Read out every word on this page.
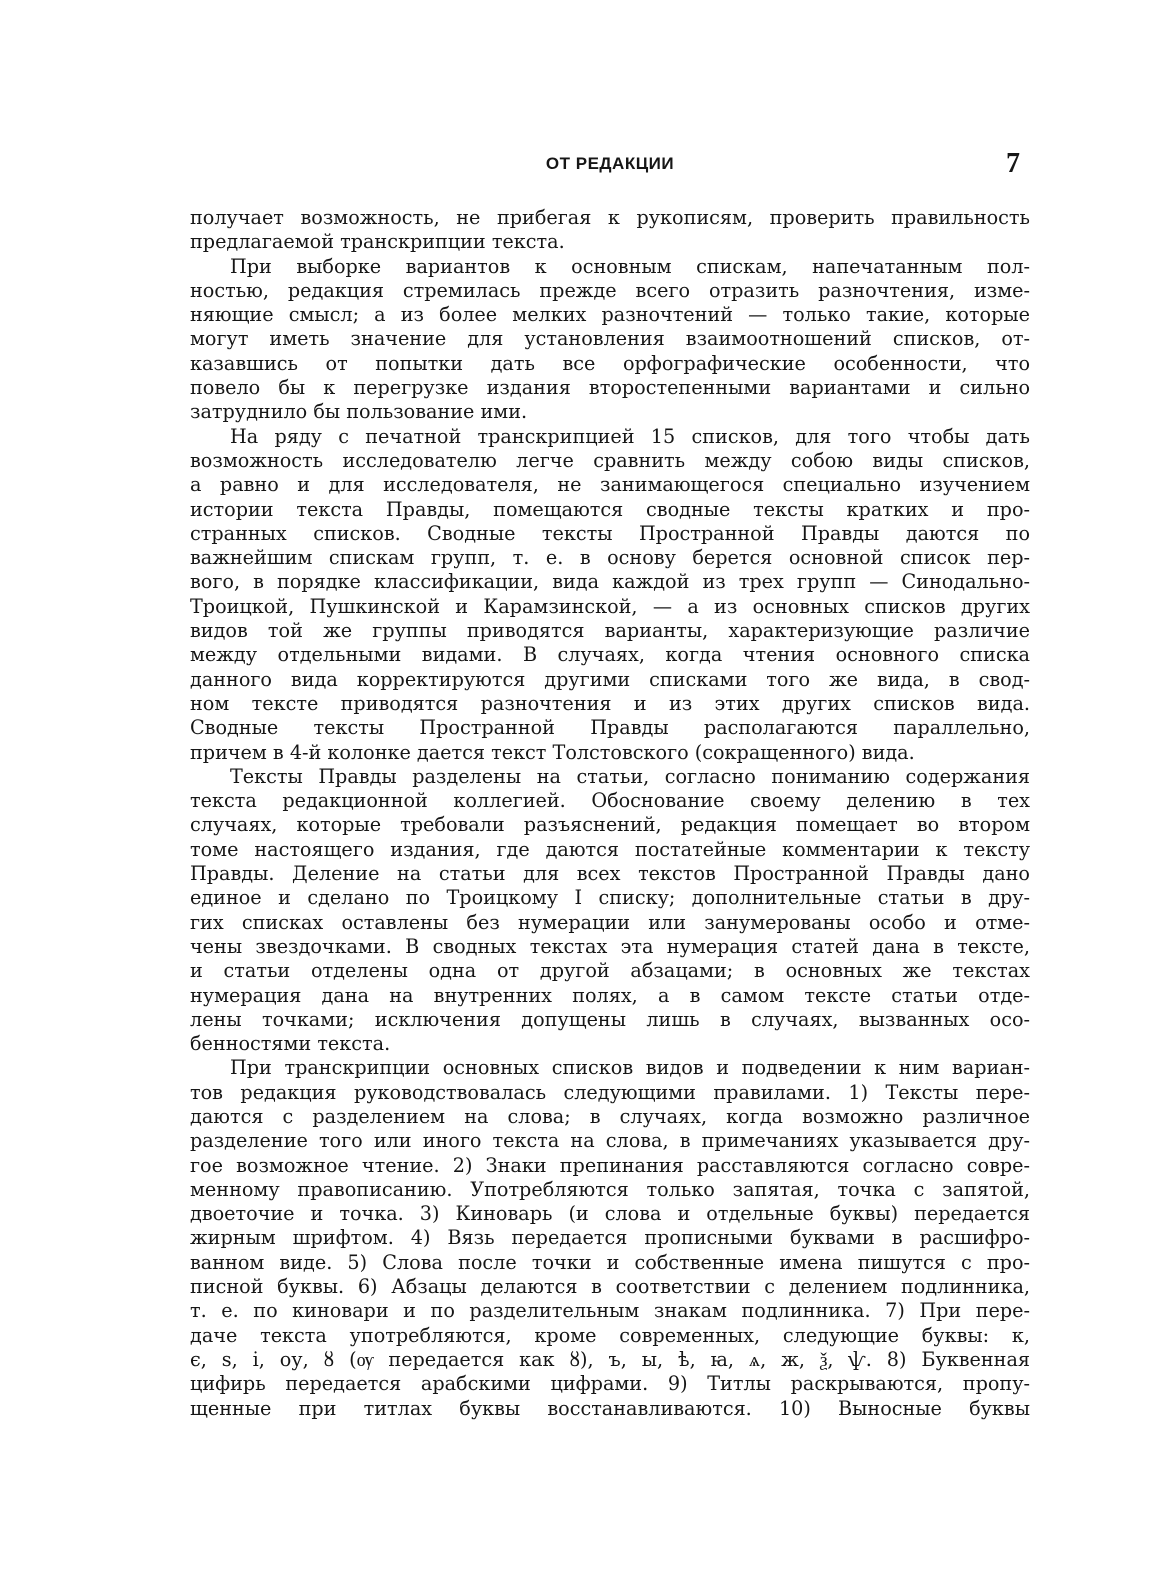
ОТ РЕДАКЦИИ	7
получает возможность, не прибегая к рукописям, проверить правильность
предлагаемой транскрипции текста.
При выборке вариантов к основным спискам, напечатанным пол-
ностью, редакция стремилась прежде всего отразить разночтения, изме-
няющие смысл; а из более мелких разночтений — только такие, которые
могут иметь значение для установления взаимоотношений списков, от-
казавшись от попытки дать все орфографические особенности, что
повело бы к перегрузке издания второстепенными вариантами и сильно
затруднило бы пользование ими.
На ряду с печатной транскрипцией 15 списков, для того чтобы дать
возможность исследователю легче сравнить между собою виды списков,
а равно и для исследователя, не занимающегося специально изучением
истории текста Правды, помещаются сводные тексты кратких и про-
странных списков. Сводные тексты Пространной Правды даются по
важнейшим спискам групп, т. е. в основу берется основной список пер-
вого, в порядке классификации, вида каждой из трех групп — Синодально-
Троицкой, Пушкинской и Карамзинской, — а из основных списков других
видов той же группы приводятся варианты, характеризующие различие
между отдельными видами. В случаях, когда чтения основного списка
данного вида корректируются другими списками того же вида, в свод-
ном тексте приводятся разночтения и из этих других списков вида.
Сводные тексты Пространной Правды располагаются параллельно,
причем в 4-й колонке дается текст Толстовского (сокращенного) вида.
Тексты Правды разделены на статьи, согласно пониманию содержания
текста редакционной коллегией. Обоснование своему делению в тех
случаях, которые требовали разъяснений, редакция помещает во втором
томе настоящего издания, где даются постатейные комментарии к тексту
Правды. Деление на статьи для всех текстов Пространной Правды дано
единое и сделано по Троицкому I списку; дополнительные статьи в дру-
гих списках оставлены без нумерации или занумерованы особо и отме-
чены звездочками. В сводных текстах эта нумерация статей дана в тексте,
и статьи отделены одна от другой абзацами; в основных же текстах
нумерация дана на внутренних полях, а в самом тексте статьи отде-
лены точками; исключения допущены лишь в случаях, вызванных осо-
бенностями текста.
При транскрипции основных списков видов и подведении к ним вариан-
тов редакция руководствовалась следующими правилами. 1) Тексты пере-
даются с разделением на слова; в случаях, когда возможно различное
разделение того или иного текста на слова, в примечаниях указывается дру-
гое возможное чтение. 2) Знаки препинания расставляются согласно совре-
менному правописанию. Употребляются только запятая, точка с запятой,
двоеточие и точка. 3) Киноварь (и слова и отдельные буквы) передается
жирным шрифтом. 4) Вязь передается прописными буквами в расшифро-
ванном виде. 5) Слова после точки и собственные имена пишутся с про-
писной буквы. 6) Абзацы делаются в соответствии с делением подлинника,
т. е. по киновари и по разделительным знакам подлинника. 7) При пере-
даче текста употребляются, кроме современных, следующие буквы: к,
є, ѕ, і, оу, ȣ (ѹ передается как ȣ), ъ, ы, ѣ, ꙗ, ѧ, ж, ѯ, ѱ. 8) Буквенная
цифирь передается арабскими цифрами. 9) Титлы раскрываются, пропу-
щенные при титлах буквы восстанавливаются. 10) Выносные буквы
